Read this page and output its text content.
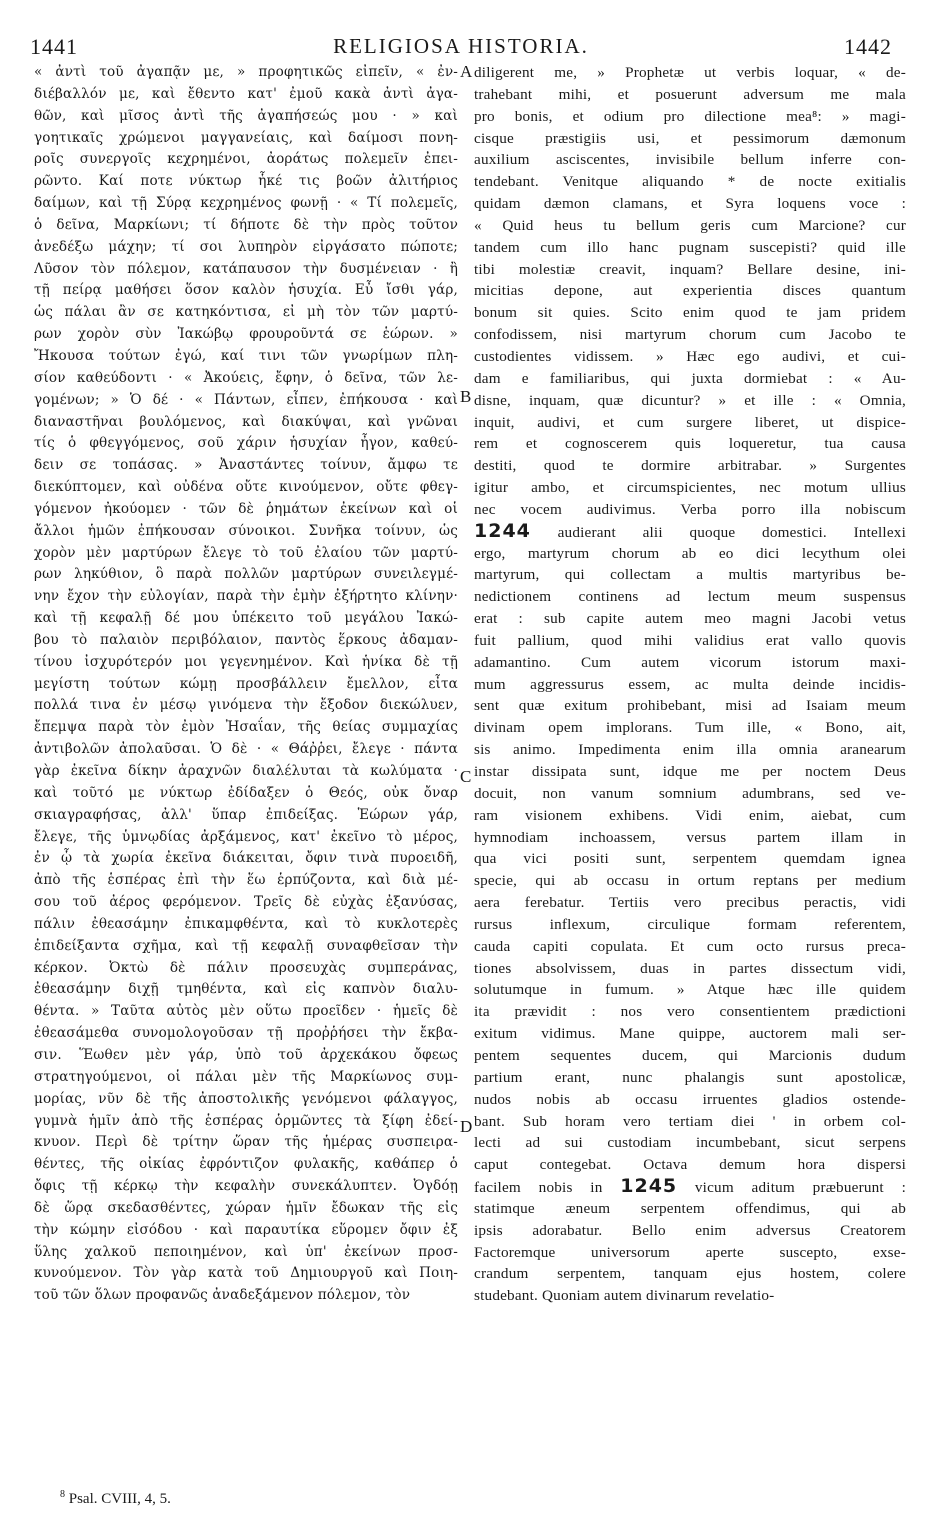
1441	RELIGIOSA HISTORIA.	1442
« ἀντὶ τοῦ ἀγαπᾷν με, » προφητικῶς εἰπεῖν, « ἐν-
διέβαλλόν με, καὶ ἔθεντο κατ' ἐμοῦ κακὰ ἀντὶ ἀγα-
θῶν, καὶ μῖσος ἀντὶ τῆς ἀγαπήσεώς μου · » καὶ
γοητικαῖς χρώμενοι μαγγανείαις, καὶ δαίμοσι πονη-
ροῖς συνεργοῖς κεχρημένοι, ἀοράτως πολεμεῖν ἐπει-
ρῶντο. Καί ποτε νύκτωρ ἧκέ τις βοῶν ἀλιτήριος
δαίμων, καὶ τῇ Σύρᾳ κεχρημένος φωνῇ · « Τί πολεμεῖς,
ὁ δεῖνα, Μαρκίωνι; τί δήποτε δὲ τὴν πρὸς τοῦτον
ἀνεδέξω μάχην; τί σοι λυπηρὸν εἰργάσατο πώποτε;
Λῦσον τὸν πόλεμον, κατάπαυσον τὴν δυσμένειαν · ἢ
τῇ πείρᾳ μαθήσει ὅσον καλὸν ἡσυχία. Εὖ ἴσθι γάρ,
ὡς πάλαι ἂν σε κατηκόντισα, εἰ μὴ τὸν τῶν μαρτύ-
ρων χορὸν σὺν Ἰακώβῳ φρουροῦντά σε ἑώρων. »
Ἤκουσα τούτων ἐγώ, καί τινι τῶν γνωρίμων πλη-
σίον καθεύδοντι · « Ἀκούεις, ἔφην, ὁ δεῖνα, τῶν λε-
γομένων; » Ὁ δέ · « Πάντων, εἶπεν, ἐπήκουσα · καὶ
διαναστῆναι βουλόμενος, καὶ διακύψαι, καὶ γνῶναι
τίς ὁ φθεγγόμενος, σοῦ χάριν ἡσυχίαν ἦγον, καθεύ-
δειν σε τοπάσας. » Ἀναστάντες τοίνυν, ἄμφω τε
διεκύπτομεν, καὶ οὐδένα οὔτε κινούμενον, οὔτε φθεγ-
γόμενον ἠκούομεν · τῶν δὲ ῥημάτων ἐκείνων καὶ οἱ
ἄλλοι ἡμῶν ἐπήκουσαν σύνοικοι. Συνῆκα τοίνυν, ὡς
χορὸν μὲν μαρτύρων ἔλεγε τὸ τοῦ ἐλαίου τῶν μαρτύ-
ρων ληκύθιον, ὃ παρὰ πολλῶν μαρτύρων συνειλεγμέ-
νην ἔχον τὴν εὐλογίαν, παρὰ τὴν ἐμὴν ἐξήρτητο κλίνην·
καὶ τῇ κεφαλῇ δέ μου ὑπέκειτο τοῦ μεγάλου Ἰακώ-
βου τὸ παλαιὸν περιβόλαιον, παντὸς ἕρκους ἀδαμαν-
τίνου ἰσχυρότερόν μοι γεγενημένον. Καὶ ἡνίκα δὲ τῇ
μεγίστη τούτων κώμῃ προσβάλλειν ἔμελλον, εἶτα
πολλά τινα ἐν μέσῳ γινόμενα τὴν ἔξοδον διεκώλυεν,
ἔπεμψα παρὰ τὸν ἐμὸν Ἠσαΐαν, τῆς θείας συμμαχίας
ἀντιβολῶν ἀπολαῦσαι. Ὁ δὲ · « Θάῤῥει, ἔλεγε · πάντα
γὰρ ἐκεῖνα δίκην ἀραχνῶν διαλέλυται τὰ κωλύματα ·
καὶ τοῦτό με νύκτωρ ἐδίδαξεν ὁ Θεός, οὐκ ὄναρ
σκιαγραφήσας, ἀλλ' ὕπαρ ἐπιδείξας. Ἑώρων γάρ,
ἔλεγε, τῆς ὑμνῳδίας ἀρξάμενος, κατ' ἐκεῖνο τὸ μέρος,
ἐν ᾧ τὰ χωρία ἐκεῖνα διάκειται, ὄφιν τινὰ πυροειδῆ,
ἀπὸ τῆς ἑσπέρας ἐπὶ τὴν ἕω ἑρπύζοντα, καὶ διὰ μέ-
σου τοῦ ἀέρος φερόμενον. Τρεῖς δὲ εὐχὰς ἐξανύσας,
πάλιν ἐθεασάμην ἐπικαμφθέντα, καὶ τὸ κυκλοτερὲς
ἐπιδείξαντα σχῆμα, καὶ τῇ κεφαλῇ συναφθεῖσαν τὴν
κέρκον. Ὀκτὼ δὲ πάλιν προσευχὰς συμπεράνας,
ἐθεασάμην διχῇ τμηθέντα, καὶ εἰς καπνὸν διαλυ-
θέντα. » Ταῦτα αὐτὸς μὲν οὕτω προεῖδεν · ἡμεῖς δὲ
ἐθεασάμεθα συνομολογοῦσαν τῇ προῤῥήσει τὴν ἔκβα-
σιν. Ἕωθεν μὲν γάρ, ὑπὸ τοῦ ἀρχεκάκου ὄφεως
στρατηγούμενοι, οἱ πάλαι μὲν τῆς Μαρκίωνος συμ-
μορίας, νῦν δὲ τῆς ἀποστολικῆς γενόμενοι φάλαγγος,
γυμνὰ ἡμῖν ἀπὸ τῆς ἑσπέρας ὁρμῶντες τὰ ξίφη ἐδεί-
κνυον. Περὶ δὲ τρίτην ὥραν τῆς ἡμέρας συσπειρα-
θέντες, τῆς οἰκίας ἐφρόντιζον φυλακῆς, καθάπερ ὁ
ὄφις τῇ κέρκῳ τὴν κεφαλὴν συνεκάλυπτεν. Ὀγδόῃ
δὲ ὥρᾳ σκεδασθέντες, χώραν ἡμῖν ἔδωκαν τῆς εἰς
τὴν κώμην εἰσόδου · καὶ παραυτίκα εὕρομεν ὄφιν ἐξ
ὕλης χαλκοῦ πεποιημένον, καὶ ὑπ' ἐκείνων προσ-
κυνούμενον. Τὸν γὰρ κατὰ τοῦ Δημιουργοῦ καὶ Ποιη-
τοῦ τῶν ὅλων προφανῶς ἀναδεξάμενον πόλεμον, τὸν
diligerent me, » Prophetæ ut verbis loquar, « de-
trahebant mihi, et posuerunt adversum me mala
pro bonis, et odium pro dilectione mea⁸: » magi-
cisque præstigiis usi, et pessimorum dæmonum
auxilium asciscentes, invisibile bellum inferre con-
tendebant. Venitque aliquando * de nocte exitialis
quidam dæmon clamans, et Syra loquens voce :
« Quid heus tu bellum geris cum Marcione? cur
tandem cum illo hanc pugnam suscepisti? quid ille
tibi molestiæ creavit, inquam? Bellare desine, ini-
micitias depone, aut experientia disces quantum
bonum sit quies. Scito enim quod te jam pridem
confodissem, nisi martyrum chorum cum Jacobo te
custodientes vidissem. » Hæc ego audivi, et cui-
dam e familiaribus, qui juxta dormiebat : « Au-
disne, inquam, quæ dicuntur? » et ille : « Omnia,
inquit, audivi, et cum surgere liberet, ut dispice-
rem et cognoscerem quis loqueretur, tua causa
destiti, quod te dormire arbitrabar. » Surgentes
igitur ambo, et circumspicientes, nec motum ullius
nec vocem audivimus. Verba porro illa nobiscum
1244 audierant alii quoque domestici. Intellexi
ergo, martyrum chorum ab eo dici lecythum olei
martyrum, qui collectam a multis martyribus be-
nedictionem continens ad lectum meum suspensus
erat : sub capite autem meo magni Jacobi vetus
fuit pallium, quod mihi validius erat vallo quovis
adamantino. Cum autem vicorum istorum maxi-
mum aggressurus essem, ac multa deinde incidis-
sent quæ exitum prohibebant, misi ad Isaiam meum
divinam opem implorans. Tum ille, « Bono, ait,
sis animo. Impedimenta enim illa omnia aranearum
instar dissipata sunt, idque me per noctem Deus
docuit, non vanum somnium adumbrans, sed ve-
ram visionem exhibens. Vidi enim, aiebat, cum
hymnodiam inchoassem, versus partem illam in
qua vici positi sunt, serpentem quemdam igneа
specie, qui ab occasu in ortum reptans per medium
aera ferebatur. Tertiis vero precibus peractis, vidi
rursus inflexum, circulique formam referentem,
cauda capiti copulata. Et cum octo rursus preca-
tiones absolvissem, duas in partes dissectum vidi,
solutumque in fumum. » Atque hæc ille quidem
ita prævidit : nos vero consentientem prædictioni
exitum vidimus. Mane quippe, auctorem mali ser-
pentem sequentes ducem, qui Marcionis dudum
partium erant, nunc phalangis sunt apostolicæ,
nudos nobis ab occasu irruentes gladios ostende-
bant. Sub horam vero tertiam diei ' in orbem col-
lecti ad sui custodiam incumbebant, sicut serpens
caput contegebat. Octava demum hora dispersi
facilem nobis in 1245 vicum aditum præbuerunt :
statimque æneum serpentem offendimus, qui ab
ipsis adorabatur. Bello enim adversus Creatorem
Factoremque universorum aperte suscepto, exse-
crandum serpentem, tanquam ejus hostem, colere
studebant. Quoniam autem divinarum revelatio-
A
B
C
D
$^8$ Psal. CVIII, 4, 5.
